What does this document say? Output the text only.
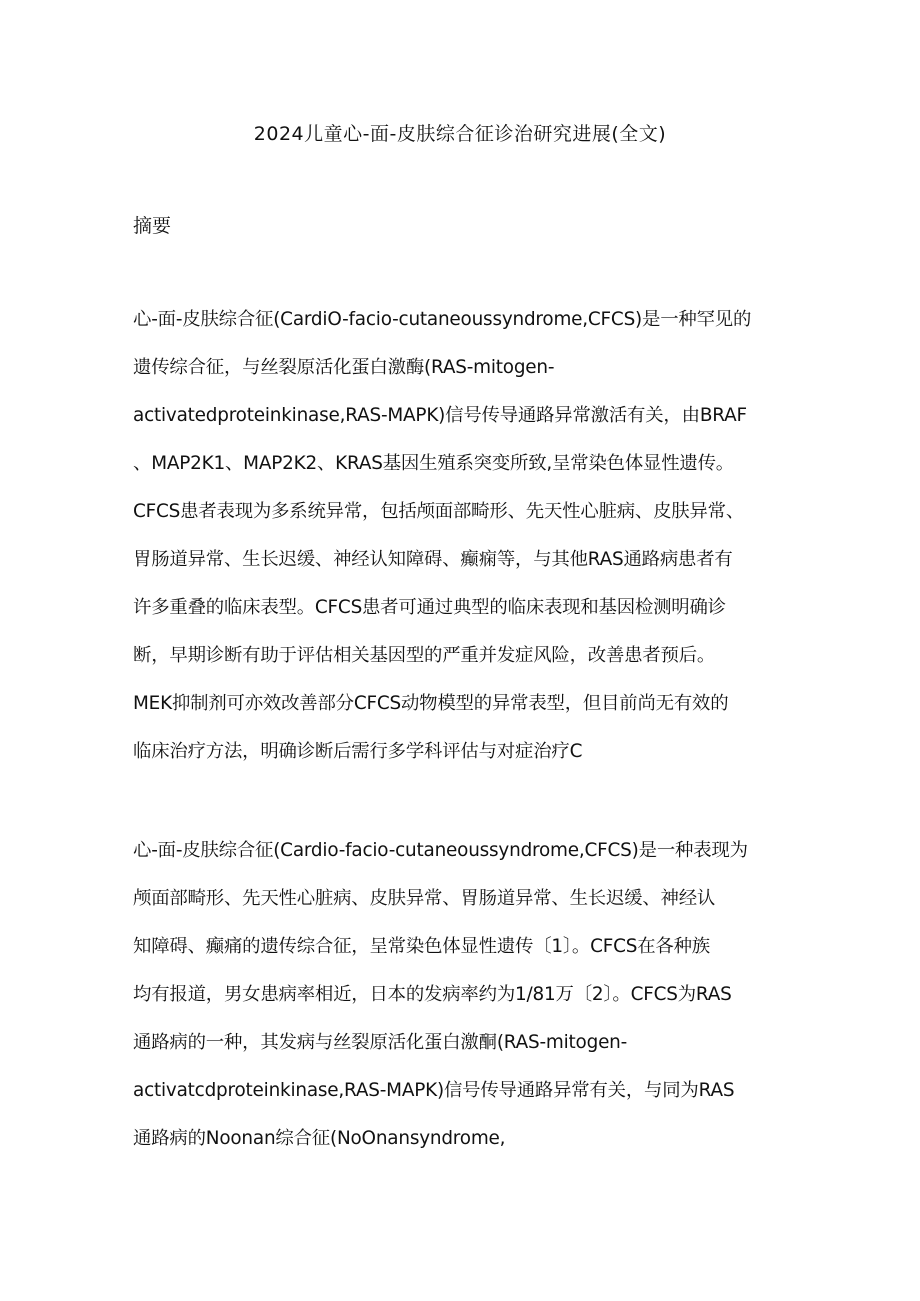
2024儿童心-面-皮肤综合征诊治研究进展(全文)
摘要
心-面-皮肤综合征(CardiO-facio-cutaneoussyndrome,CFCS)是一种罕见的
遗传综合征，与丝裂原活化蛋白激酶(RAS-mitogen-
activatedproteinkinase,RAS-MAPK)信号传导通路异常激活有关，由BRAF
、MAP2K1、MAP2K2、KRAS基因生殖系突变所致,呈常染色体显性遗传。
CFCS患者表现为多系统异常，包括颅面部畸形、先天性心脏病、皮肤异常、
胃肠道异常、生长迟缓、神经认知障碍、癫痫等，与其他RAS通路病患者有
许多重叠的临床表型。CFCS患者可通过典型的临床表现和基因检测明确诊
断，早期诊断有助于评估相关基因型的严重并发症风险，改善患者预后。
MEK抑制剂可亦效改善部分CFCS动物模型的异常表型，但目前尚无有效的
临床治疗方法，明确诊断后需行多学科评估与对症治疗C
心-面-皮肤综合征(Cardio-facio-cutaneoussyndrome,CFCS)是一种表现为
颅面部畸形、先天性心脏病、皮肤异常、胃肠道异常、生长迟缓、神经认
知障碍、癫痛的遗传综合征，呈常染色体显性遗传〔1〕。CFCS在各种族
均有报道，男女患病率相近，日本的发病率约为1/81万〔2〕。CFCS为RAS
通路病的一种，其发病与丝裂原活化蛋白激酮(RAS-mitogen-
activatcdproteinkinase,RAS-MAPK)信号传导通路异常有关，与同为RAS
通路病的Noonan综合征(NoOnansyndrome,
